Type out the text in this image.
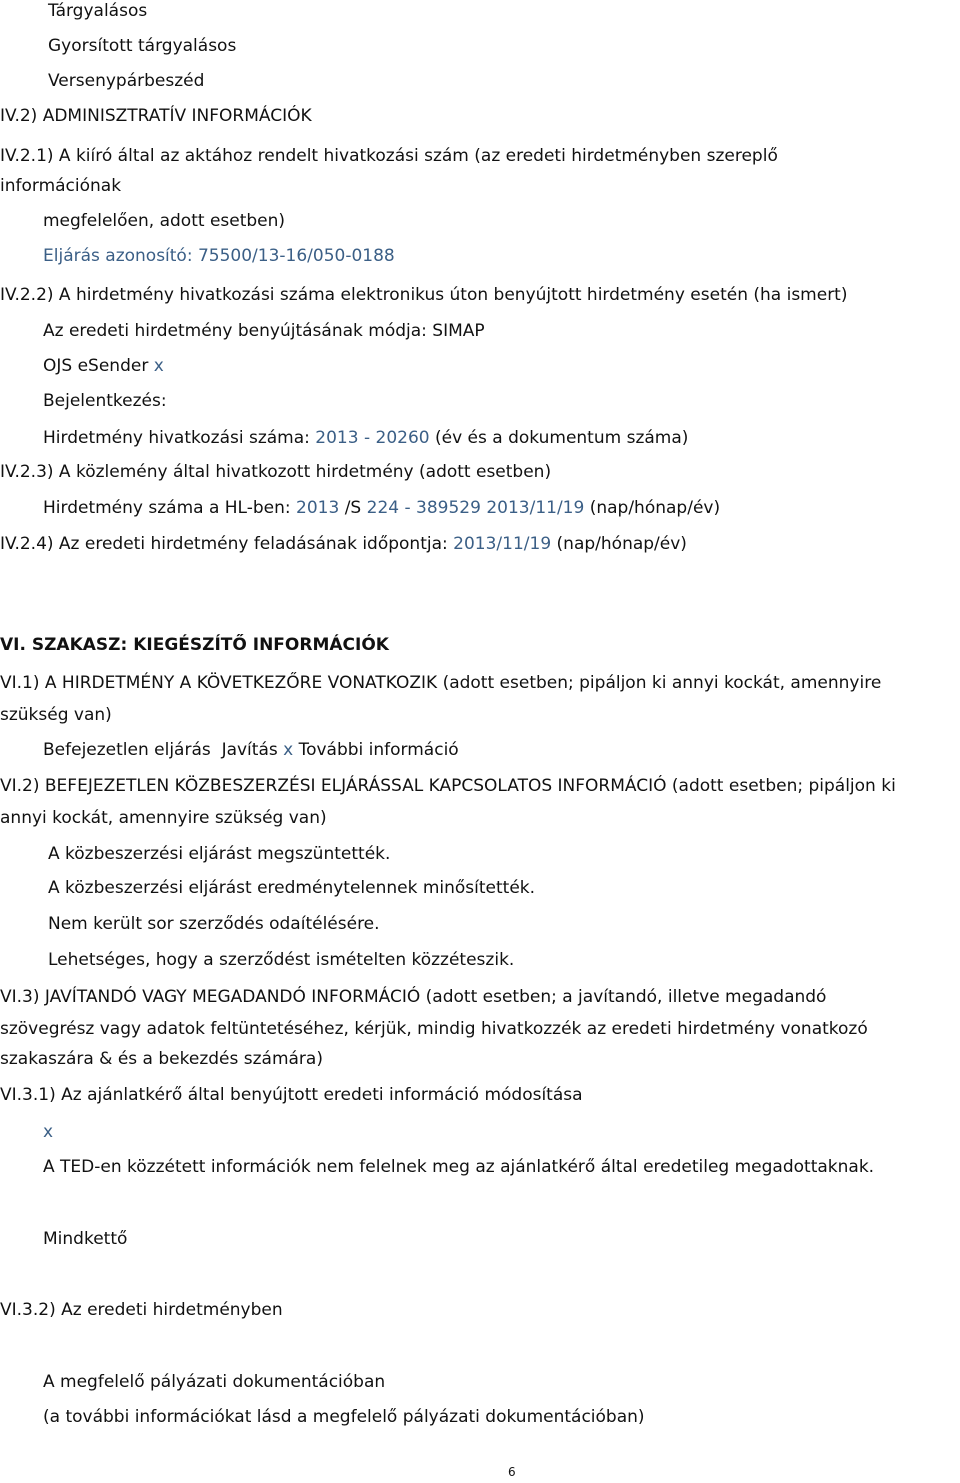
Tárgyalásos
Gyorsított tárgyalásos
Versenypárbeszéd
IV.2) ADMINISZTRATÍV INFORMÁCIÓK
IV.2.1) A kiíró által az aktához rendelt hivatkozási szám (az eredeti hirdetményben szereplő
információnak
megfelelően, adott esetben)
Eljárás azonosító: 75500/13-16/050-0188
IV.2.2) A hirdetmény hivatkozási száma elektronikus úton benyújtott hirdetmény esetén (ha ismert)
Az eredeti hirdetmény benyújtásának módja: SIMAP
OJS eSender x
Bejelentkezés:
Hirdetmény hivatkozási száma: 2013 - 20260 (év és a dokumentum száma)
IV.2.3) A közlemény által hivatkozott hirdetmény (adott esetben)
Hirdetmény száma a HL-ben: 2013 /S 224 - 389529 2013/11/19 (nap/hónap/év)
IV.2.4) Az eredeti hirdetmény feladásának időpontja: 2013/11/19 (nap/hónap/év)
VI. SZAKASZ: KIEGÉSZÍTŐ INFORMÁCIÓK
VI.1) A HIRDETMÉNY A KÖVETKEZŐRE VONATKOZIK (adott esetben; pipáljon ki annyi kockát, amennyire
szükség van)
Befejezetlen eljárás Javítás x További információ
VI.2) BEFEJEZETLEN KÖZBESZERZÉSI ELJÁRÁSSAL KAPCSOLATOS INFORMÁCIÓ (adott esetben; pipáljon ki
annyi kockát, amennyire szükség van)
A közbeszerzési eljárást megszüntették.
A közbeszerzési eljárást eredménytelennek minősítették.
Nem került sor szerződés odaítélésére.
Lehetséges, hogy a szerződést ismételten közzéteszik.
VI.3) JAVÍTANDÓ VAGY MEGADANDÓ INFORMÁCIÓ (adott esetben; a javítandó, illetve megadandó
szövegrész vagy adatok feltüntetéséhez, kérjük, mindig hivatkozzék az eredeti hirdetmény vonatkozó
szakaszára & és a bekezdés számára)
VI.3.1) Az ajánlatkérő által benyújtott eredeti információ módosítása
x
A TED-en közzétett információk nem felelnek meg az ajánlatkérő által eredetileg megadottaknak.
Mindkettő
VI.3.2) Az eredeti hirdetményben
A megfelelő pályázati dokumentációban
(a további információkat lásd a megfelelő pályázati dokumentációban)
6
